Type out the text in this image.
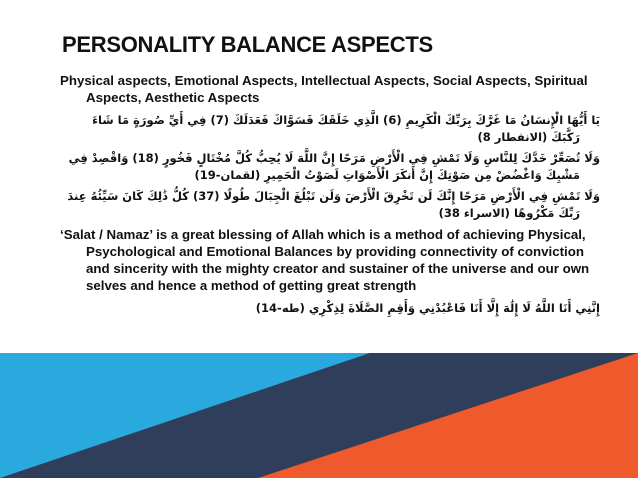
PERSONALITY BALANCE ASPECTS

Physical aspects, Emotional Aspects, Intellectual Aspects, Social Aspects, Spiritual Aspects, Aesthetic Aspects

يَا أَيُّهَا الْإِنسَانُ مَا غَرَّكَ بِرَبِّكَ الْكَرِيمِ (6) الَّذِي خَلَقَكَ فَسَوَّاكَ فَعَدَلَكَ (7) فِي أَيِّ صُورَةٍ مَا شَاءَ رَكَّبَكَ (الانفطار 8)

وَلَا تُصَعِّرْ خَدَّكَ لِلنَّاسِ وَلَا تَمْشِ فِي الْأَرْضِ مَرَحًا إِنَّ اللَّهَ لَا يُحِبُّ كُلَّ مُخْتَالٍ فَخُورٍ (18) وَاقْصِدْ فِي مَشْيِكَ وَاغْضُضْ مِن صَوْتِكَ إِنَّ أَنكَرَ الْأَصْوَاتِ لَصَوْتُ الْحَمِيرِ (لقمان-19)

وَلَا تَمْشِ فِي الْأَرْضِ مَرَحًا إِنَّكَ لَن تَخْرِقَ الْأَرْضَ وَلَن تَبْلُغَ الْجِبَالَ طُولًا (37) كُلُّ ذَٰلِكَ كَانَ سَيِّئُهُ عِندَ رَبِّكَ مَكْرُوهًا (الاسراء 38)

‘Salat / Namaz’ is a great blessing of Allah which is a method of achieving Physical, Psychological and Emotional Balances by providing connectivity of conviction and sincerity with the mighty creator and sustainer of the universe and our own selves and hence a method of getting great strength

إِنَّنِي أَنَا اللَّهُ لَا إِلَٰهَ إِلَّا أَنَا فَاعْبُدْنِي وَأَقِمِ الصَّلَاةَ لِذِكْرِي (طه-14)
